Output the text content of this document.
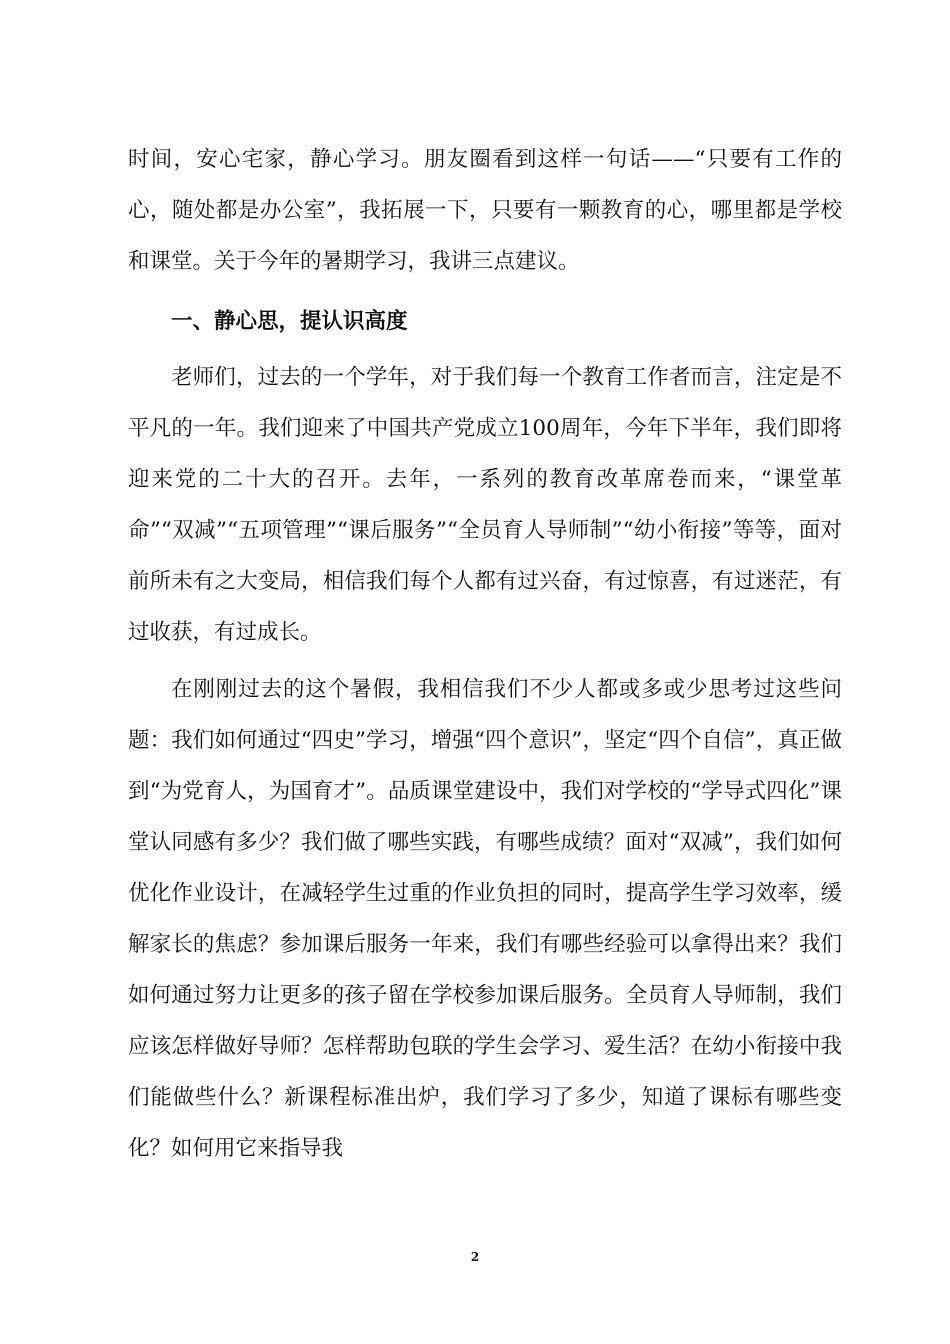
时间，安心宅家，静心学习。朋友圈看到这样一句话——“只要有工作的心，随处都是办公室”，我拓展一下，只要有一颗教育的心，哪里都是学校和课堂。关于今年的暑期学习，我讲三点建议。

一、静心思，提认识高度

老师们，过去的一个学年，对于我们每一个教育工作者而言，注定是不平凡的一年。我们迎来了中国共产党成立100周年，今年下半年，我们即将迎来党的二十大的召开。去年，一系列的教育改革席卷而来，“课堂革命”“双减”“五项管理”“课后服务”“全员育人导师制”“幼小衔接”等等，面对前所未有之大变局，相信我们每个人都有过兴奋，有过惊喜，有过迷茫，有过收获，有过成长。

在刚刚过去的这个暑假，我相信我们不少人都或多或少思考过这些问题：我们如何通过“四史”学习，增强“四个意识”，坚定“四个自信”，真正做到“为党育人，为国育才”。品质课堂建设中，我们对学校的“学导式四化”课堂认同感有多少？我们做了哪些实践，有哪些成绩？面对“双减”，我们如何优化作业设计，在减轻学生过重的作业负担的同时，提高学生学习效率，缓解家长的焦虑？参加课后服务一年来，我们有哪些经验可以拿得出来？我们如何通过努力让更多的孩子留在学校参加课后服务。全员育人导师制，我们应该怎样做好导师？怎样帮助包联的学生会学习、爱生活？在幼小衔接中我们能做些什么？新课程标准出炉，我们学习了多少，知道了课标有哪些变化？如何用它来指导我

2
